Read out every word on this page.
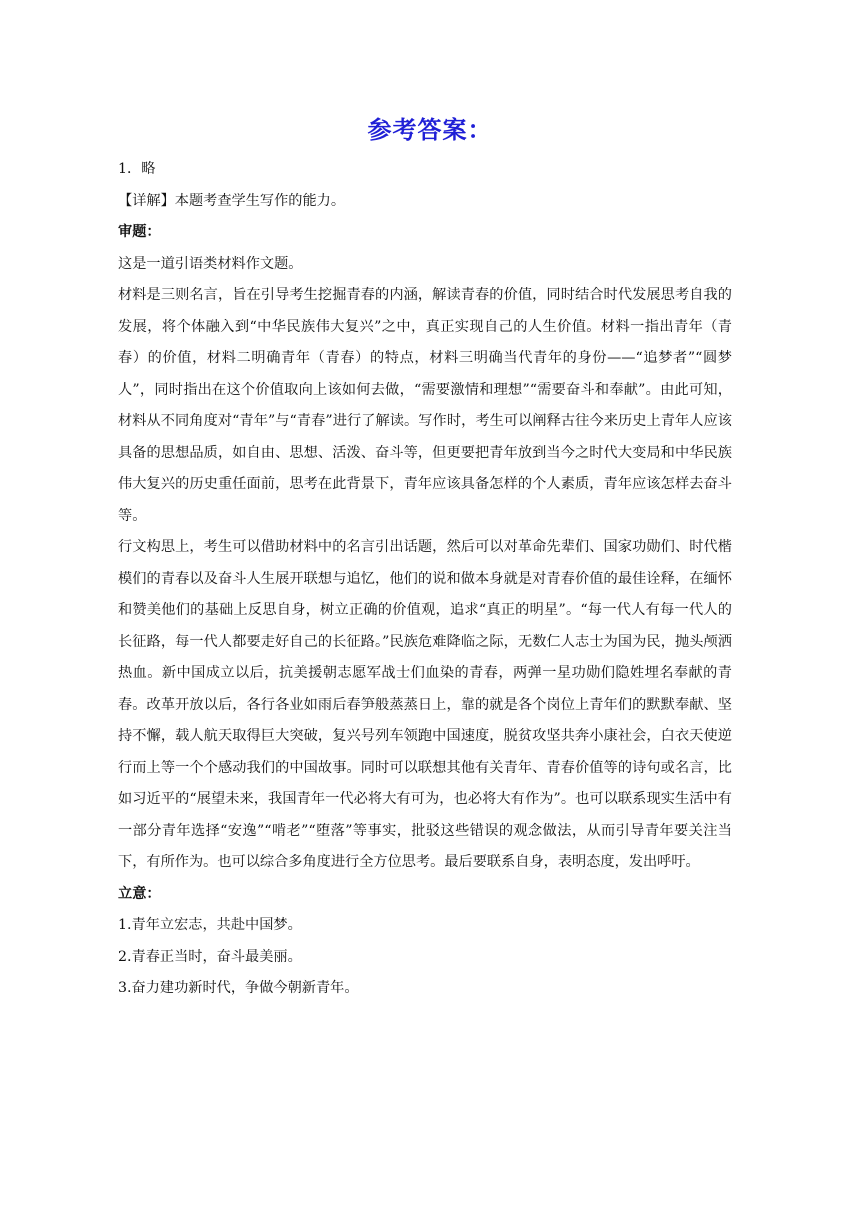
参考答案：

1．略

【详解】本题考查学生写作的能力。

审题：

这是一道引语类材料作文题。

材料是三则名言，旨在引导考生挖掘青春的内涵，解读青春的价值，同时结合时代发展思考自我的发展，将个体融入到“中华民族伟大复兴”之中，真正实现自己的人生价值。材料一指出青年（青春）的价值，材料二明确青年（青春）的特点，材料三明确当代青年的身份——“追梦者”“圆梦人”，同时指出在这个价值取向上该如何去做，“需要激情和理想”“需要奋斗和奉献”。由此可知，材料从不同角度对“青年”与“青春”进行了解读。写作时，考生可以阐释古往今来历史上青年人应该具备的思想品质，如自由、思想、活泼、奋斗等，但更要把青年放到当今之时代大变局和中华民族伟大复兴的历史重任面前，思考在此背景下，青年应该具备怎样的个人素质，青年应该怎样去奋斗等。

行文构思上，考生可以借助材料中的名言引出话题，然后可以对革命先辈们、国家功勋们、时代楷模们的青春以及奋斗人生展开联想与追忆，他们的说和做本身就是对青春价值的最佳诠释，在缅怀和赞美他们的基础上反思自身，树立正确的价值观，追求“真正的明星”。“每一代人有每一代人的长征路，每一代人都要走好自己的长征路。”民族危难降临之际，无数仁人志士为国为民，抛头颅洒热血。新中国成立以后，抗美援朝志愿军战士们血染的青春，两弹一星功勋们隐姓埋名奉献的青春。改革开放以后，各行各业如雨后春笋般蒸蒸日上，靠的就是各个岗位上青年们的默默奉献、坚持不懈，载人航天取得巨大突破，复兴号列车领跑中国速度，脱贫攻坚共奔小康社会，白衣天使逆行而上等一个个感动我们的中国故事。同时可以联想其他有关青年、青春价值等的诗句或名言，比如习近平的“展望未来，我国青年一代必将大有可为，也必将大有作为”。也可以联系现实生活中有一部分青年选择“安逸”“啃老”“堕落”等事实，批驳这些错误的观念做法，从而引导青年要关注当下，有所作为。也可以综合多角度进行全方位思考。最后要联系自身，表明态度，发出呼吁。

立意：

1.青年立宏志，共赴中国梦。

2.青春正当时，奋斗最美丽。

3.奋力建功新时代，争做今朝新青年。
